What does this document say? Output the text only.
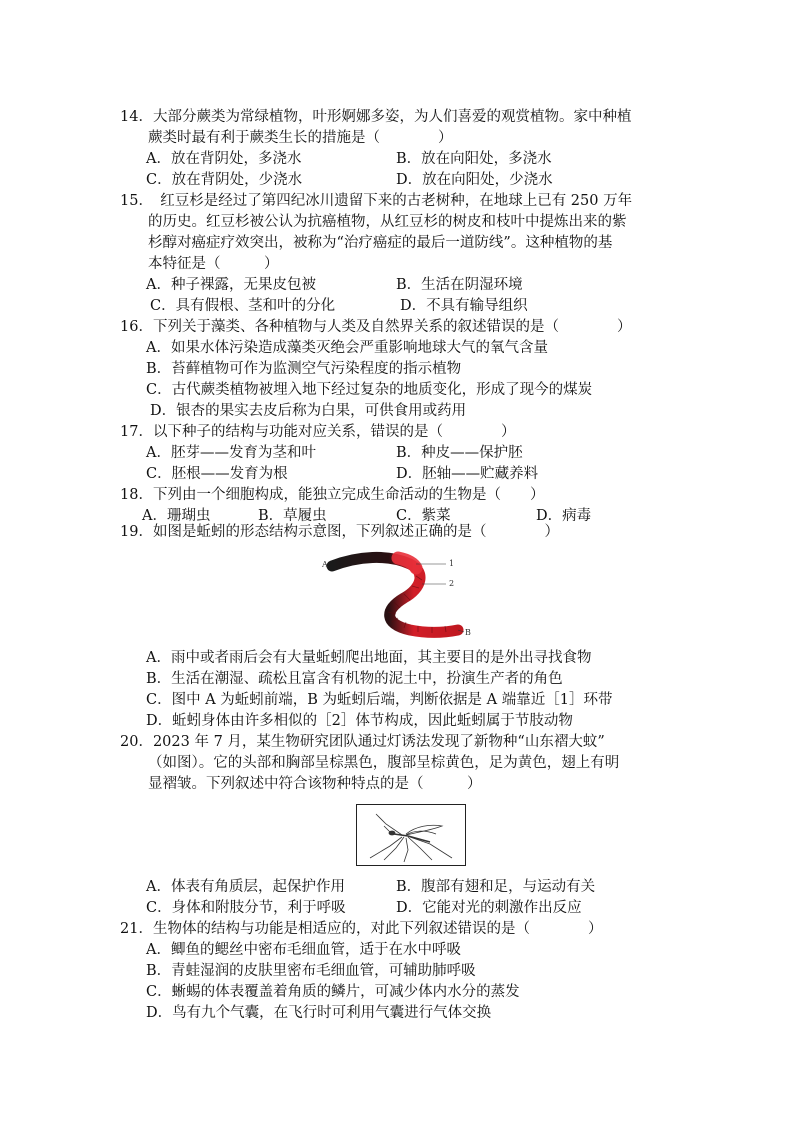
14．大部分蕨类为常绿植物，叶形婀娜多姿，为人们喜爱的观赏植物。家中种植
蕨类时最有利于蕨类生长的措施是（　　　　）
A．放在背阴处，多浇水	B．放在向阳处，多浇水
C．放在背阴处，少浇水	D．放在向阳处，少浇水
15．　红豆杉是经过了第四纪冰川遗留下来的古老树种，在地球上已有 250 万年
的历史。红豆杉被公认为抗癌植物，从红豆杉的树皮和枝叶中提炼出来的紫
杉醇对癌症疗效突出，被称为“治疗癌症的最后一道防线”。这种植物的基
本特征是（　　　）
A．种子裸露，无果皮包被	B．生活在阴湿环境
C．具有假根、茎和叶的分化	D．不具有输导组织
16．下列关于藻类、各种植物与人类及自然界关系的叙述错误的是（　　　　）
A．如果水体污染造成藻类灭绝会严重影响地球大气的氧气含量
B．苔藓植物可作为监测空气污染程度的指示植物
C．古代蕨类植物被埋入地下经过复杂的地质变化，形成了现今的煤炭
D．银杏的果实去皮后称为白果，可供食用或药用
17．以下种子的结构与功能对应关系，错误的是（　　　　）
A．胚芽——发育为茎和叶	B．种皮——保护胚
C．胚根——发育为根	D．胚轴——贮藏养料
18．下列由一个细胞构成，能独立完成生命活动的生物是（　　）
A．珊瑚虫	B．草履虫	C．紫菜	D．病毒
19．如图是蚯蚓的形态结构示意图，下列叙述正确的是（　　　　）
A	1
2
B
A．雨中或者雨后会有大量蚯蚓爬出地面，其主要目的是外出寻找食物
B．生活在潮湿、疏松且富含有机物的泥土中，扮演生产者的角色
C．图中 A 为蚯蚓前端，B 为蚯蚓后端，判断依据是 A 端靠近［1］环带
D．蚯蚓身体由许多相似的［2］体节构成，因此蚯蚓属于节肢动物
20．2023 年 7 月，某生物研究团队通过灯诱法发现了新物种“山东褶大蚊”
（如图）。它的头部和胸部呈棕黑色，腹部呈棕黄色，足为黄色，翅上有明
显褶皱。下列叙述中符合该物种特点的是（　　　）
A．体表有角质层，起保护作用	B．腹部有翅和足，与运动有关
C．身体和附肢分节，利于呼吸	D．它能对光的刺激作出反应
21．生物体的结构与功能是相适应的，对此下列叙述错误的是（　　　　）
A．鲫鱼的鳃丝中密布毛细血管，适于在水中呼吸
B．青蛙湿润的皮肤里密布毛细血管，可辅助肺呼吸
C．蜥蜴的体表覆盖着角质的鳞片，可减少体内水分的蒸发
D．鸟有九个气囊，在飞行时可利用气囊进行气体交换
